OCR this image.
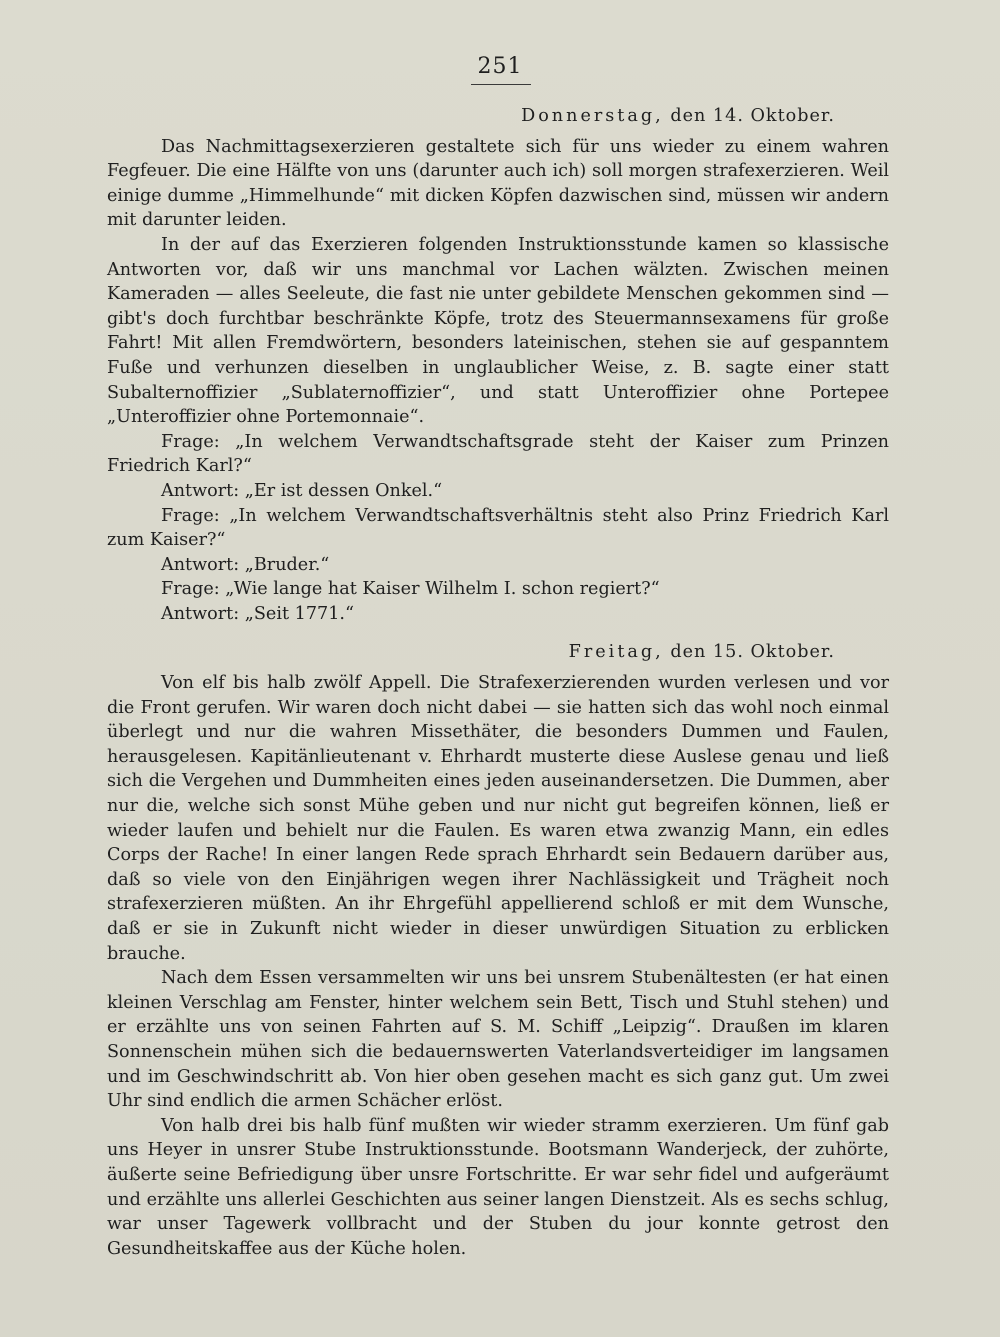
251

Donnerstag, den 14. Oktober.

Das Nachmittagsexerzieren gestaltete sich für uns wieder zu einem wahren Fegfeuer. Die eine Hälfte von uns (darunter auch ich) soll morgen strafexerzieren. Weil einige dumme „Himmelhunde“ mit dicken Köpfen dazwischen sind, müssen wir andern mit darunter leiden.

In der auf das Exerzieren folgenden Instruktionsstunde kamen so klassische Antworten vor, daß wir uns manchmal vor Lachen wälzten. Zwischen meinen Kameraden — alles Seeleute, die fast nie unter gebildete Menschen gekommen sind — gibt's doch furchtbar beschränkte Köpfe, trotz des Steuermannsexamens für große Fahrt! Mit allen Fremdwörtern, besonders lateinischen, stehen sie auf gespanntem Fuße und verhunzen dieselben in unglaublicher Weise, z. B. sagte einer statt Subalternoffizier „Sublaternoffizier“, und statt Unteroffizier ohne Portepee „Unteroffizier ohne Portemonnaie“.

Frage: „In welchem Verwandtschaftsgrade steht der Kaiser zum Prinzen Friedrich Karl?“

Antwort: „Er ist dessen Onkel.“

Frage: „In welchem Verwandtschaftsverhältnis steht also Prinz Friedrich Karl zum Kaiser?“

Antwort: „Bruder.“

Frage: „Wie lange hat Kaiser Wilhelm I. schon regiert?“

Antwort: „Seit 1771.“

Freitag, den 15. Oktober.

Von elf bis halb zwölf Appell. Die Strafexerzierenden wurden verlesen und vor die Front gerufen. Wir waren doch nicht dabei — sie hatten sich das wohl noch einmal überlegt und nur die wahren Missethäter, die besonders Dummen und Faulen, herausgelesen. Kapitänlieutenant v. Ehrhardt musterte diese Auslese genau und ließ sich die Vergehen und Dummheiten eines jeden auseinandersetzen. Die Dummen, aber nur die, welche sich sonst Mühe geben und nur nicht gut begreifen können, ließ er wieder laufen und behielt nur die Faulen. Es waren etwa zwanzig Mann, ein edles Corps der Rache! In einer langen Rede sprach Ehrhardt sein Bedauern darüber aus, daß so viele von den Einjährigen wegen ihrer Nachlässigkeit und Trägheit noch strafexerzieren müßten. An ihr Ehrgefühl appellierend schloß er mit dem Wunsche, daß er sie in Zukunft nicht wieder in dieser unwürdigen Situation zu erblicken brauche.

Nach dem Essen versammelten wir uns bei unsrem Stubenältesten (er hat einen kleinen Verschlag am Fenster, hinter welchem sein Bett, Tisch und Stuhl stehen) und er erzählte uns von seinen Fahrten auf S. M. Schiff „Leipzig“. Draußen im klaren Sonnenschein mühen sich die bedauernswerten Vaterlandsverteidiger im langsamen und im Geschwindschritt ab. Von hier oben gesehen macht es sich ganz gut. Um zwei Uhr sind endlich die armen Schächer erlöst.

Von halb drei bis halb fünf mußten wir wieder stramm exerzieren. Um fünf gab uns Heyer in unsrer Stube Instruktionsstunde. Bootsmann Wanderjeck, der zuhörte, äußerte seine Befriedigung über unsre Fortschritte. Er war sehr fidel und aufgeräumt und erzählte uns allerlei Geschichten aus seiner langen Dienstzeit. Als es sechs schlug, war unser Tagewerk vollbracht und der Stuben du jour konnte getrost den Gesundheitskaffee aus der Küche holen.
